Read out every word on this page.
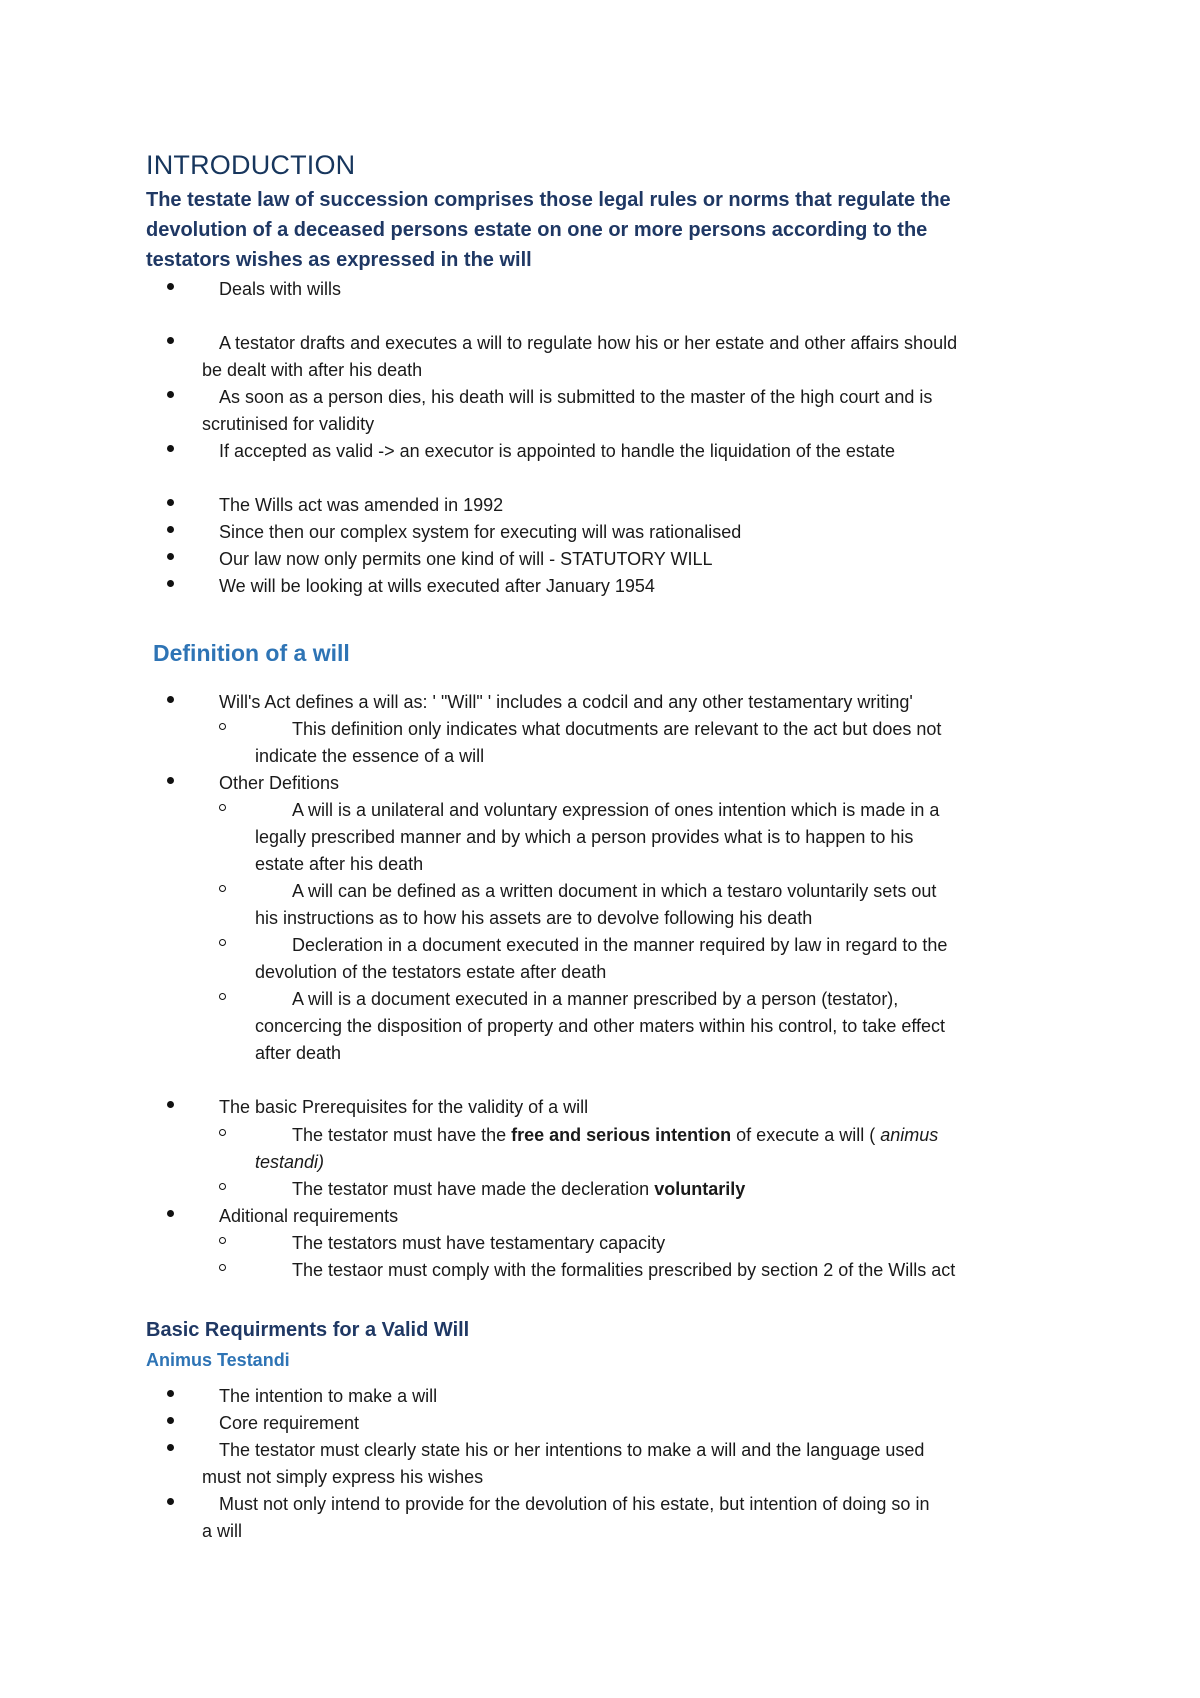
INTRODUCTION
The testate law of succession comprises those legal rules or norms that regulate the
devolution of a deceased persons estate on one or more persons according to the
testators wishes as expressed in the will
Deals with wills
A testator drafts and executes a will to regulate how his or her estate and other affairs should
be dealt with after his death
As soon as a person dies, his death will is submitted to the master of the high court and is
scrutinised for validity
If accepted as valid -> an executor is appointed to handle the liquidation of the estate
The Wills act was amended in 1992
Since then our complex system for executing will was rationalised
Our law now only permits one kind of will - STATUTORY WILL
We will be looking at wills executed after January 1954
Definition of a will
Will's Act defines a will as: ' "Will" ' includes a codcil and any other testamentary writing'
This definition only indicates what docutments are relevant to the act but does not
indicate the essence of a will
Other Defitions
A will is a unilateral and voluntary expression of ones intention which is made in a
legally prescribed manner and by which a person provides what is to happen to his
estate after his death
A will can be defined as a written document in which a testaro voluntarily sets out
his instructions as to how his assets are to devolve following his death
Decleration in a document executed in the manner required by law in regard to the
devolution of the testators estate after death
A will is a document executed in a manner prescribed by a person (testator),
concercing the disposition of property and other maters within his control, to take effect
after death
The basic Prerequisites for the validity of a will
The testator must have the free and serious intention of execute a will ( animus
testandi)
The testator must have made the decleration voluntarily
Aditional requirements
The testators must have testamentary capacity
The testaor must comply with the formalities prescribed by section 2 of the Wills act
Basic Requirments for a Valid Will
Animus Testandi
The intention to make a will
Core requirement
The testator must clearly state his or her intentions to make a will and the language used
must not simply express his wishes
Must not only intend to provide for the devolution of his estate, but intention of doing so in
a will
